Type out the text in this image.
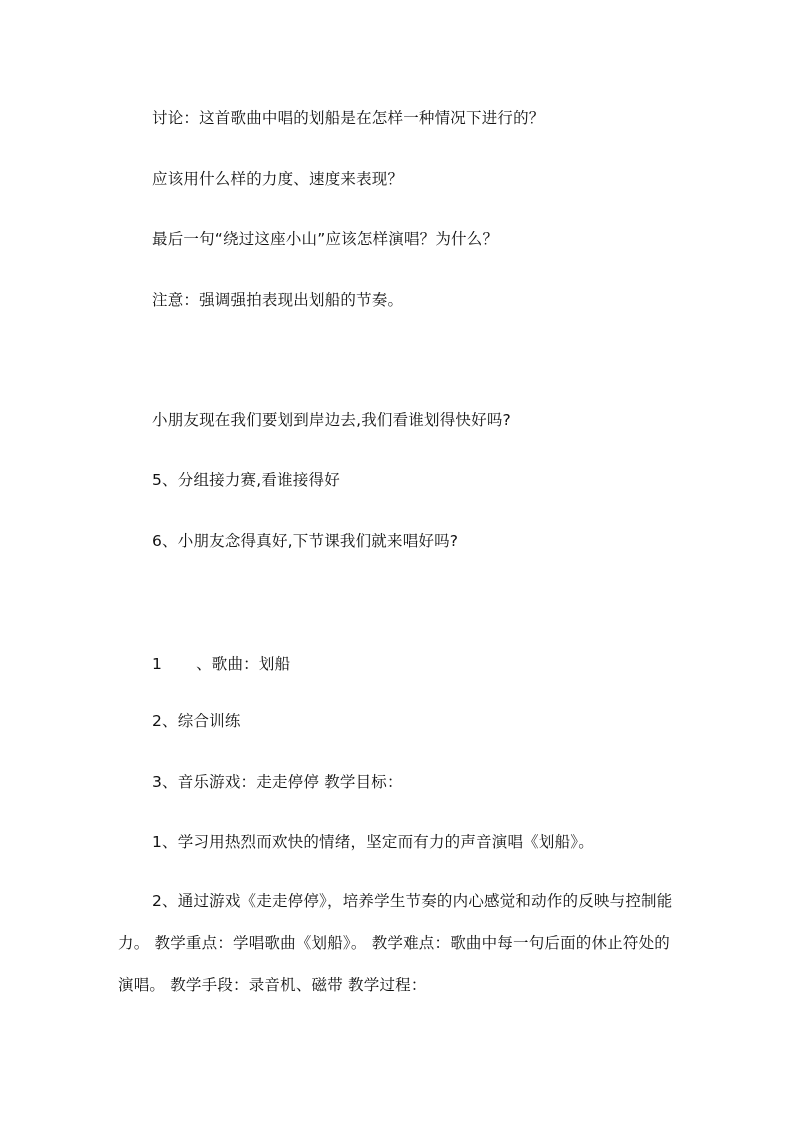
讨论：这首歌曲中唱的划船是在怎样一种情况下进行的？
应该用什么样的力度、速度来表现？
最后一句“绕过这座小山”应该怎样演唱？为什么？
注意：强调强拍表现出划船的节奏。
小朋友现在我们要划到岸边去,我们看谁划得快好吗?
5、分组接力赛,看谁接得好
6、小朋友念得真好,下节课我们就来唱好吗?
1 、歌曲：划船
2、综合训练
3、音乐游戏：走走停停 教学目标：
1、学习用热烈而欢快的情绪，坚定而有力的声音演唱《划船》。
2、通过游戏《走走停停》，培养学生节奏的内心感觉和动作的反映与控制能力。 教学重点：学唱歌曲《划船》。 教学难点：歌曲中每一句后面的休止符处的演唱。 教学手段：录音机、磁带 教学过程：
